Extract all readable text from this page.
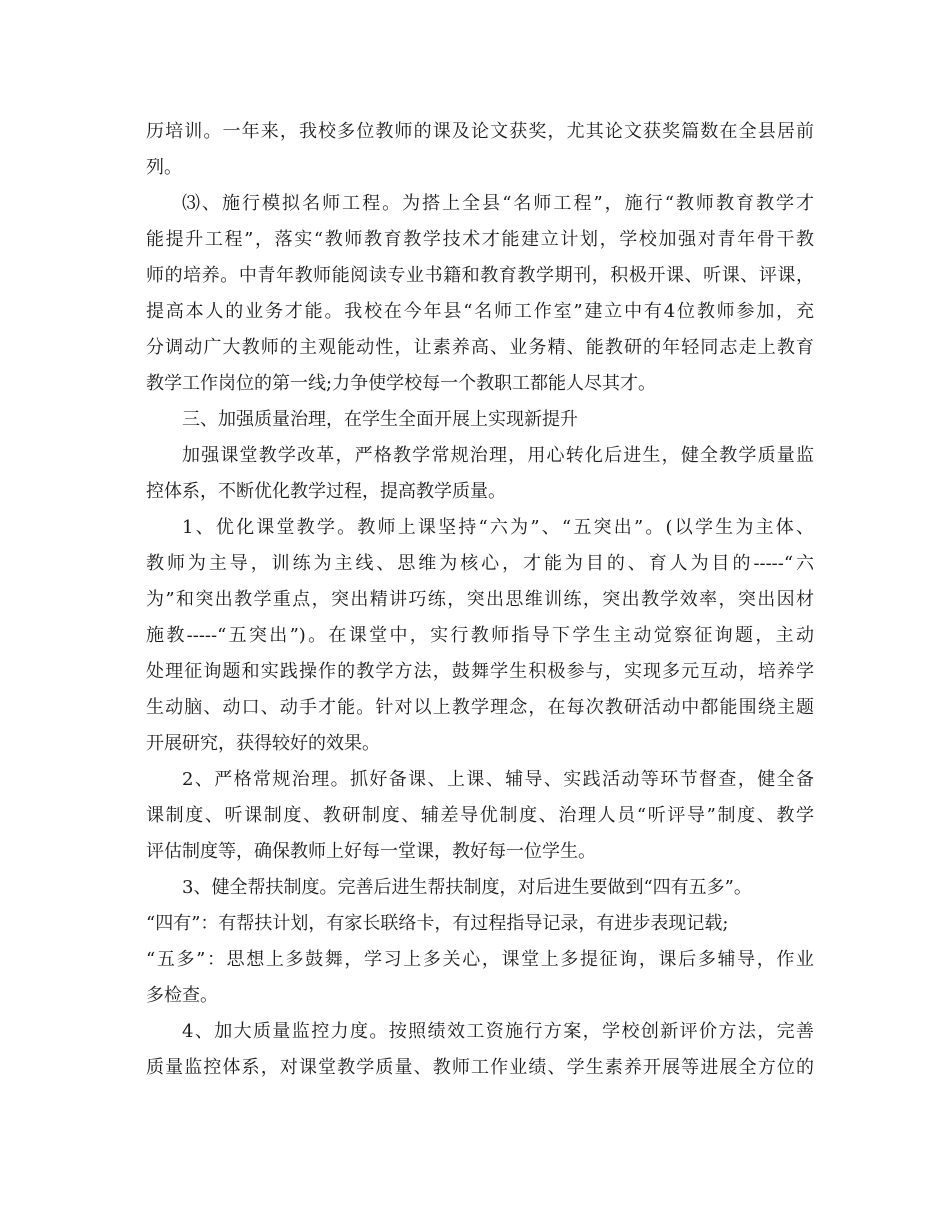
历培训。一年来，我校多位教师的课及论文获奖，尤其论文获奖篇数在全县居前
列。
⑶、施行模拟名师工程。为搭上全县“名师工程”，施行“教师教育教学才
能提升工程”，落实“教师教育教学技术才能建立计划，学校加强对青年骨干教
师的培养。中青年教师能阅读专业书籍和教育教学期刊，积极开课、听课、评课，
提高本人的业务才能。我校在今年县“名师工作室”建立中有4位教师参加，充
分调动广大教师的主观能动性，让素养高、业务精、能教研的年轻同志走上教育
教学工作岗位的第一线;力争使学校每一个教职工都能人尽其才。
三、加强质量治理，在学生全面开展上实现新提升
加强课堂教学改革，严格教学常规治理，用心转化后进生，健全教学质量监
控体系，不断优化教学过程，提高教学质量。
1、优化课堂教学。教师上课坚持“六为”、“五突出”。(以学生为主体、
教师为主导，训练为主线、思维为核心，才能为目的、育人为目的-----“六
为”和突出教学重点，突出精讲巧练，突出思维训练，突出教学效率，突出因材
施教-----“五突出”)。在课堂中，实行教师指导下学生主动觉察征询题，主动
处理征询题和实践操作的教学方法，鼓舞学生积极参与，实现多元互动，培养学
生动脑、动口、动手才能。针对以上教学理念，在每次教研活动中都能围绕主题
开展研究，获得较好的效果。
2、严格常规治理。抓好备课、上课、辅导、实践活动等环节督查，健全备
课制度、听课制度、教研制度、辅差导优制度、治理人员“听评导”制度、教学
评估制度等，确保教师上好每一堂课，教好每一位学生。
3、健全帮扶制度。完善后进生帮扶制度，对后进生要做到“四有五多”。
“四有”：有帮扶计划，有家长联络卡，有过程指导记录，有进步表现记载;
“五多”：思想上多鼓舞，学习上多关心，课堂上多提征询，课后多辅导，作业
多检查。
4、加大质量监控力度。按照绩效工资施行方案，学校创新评价方法，完善
质量监控体系，对课堂教学质量、教师工作业绩、学生素养开展等进展全方位的
